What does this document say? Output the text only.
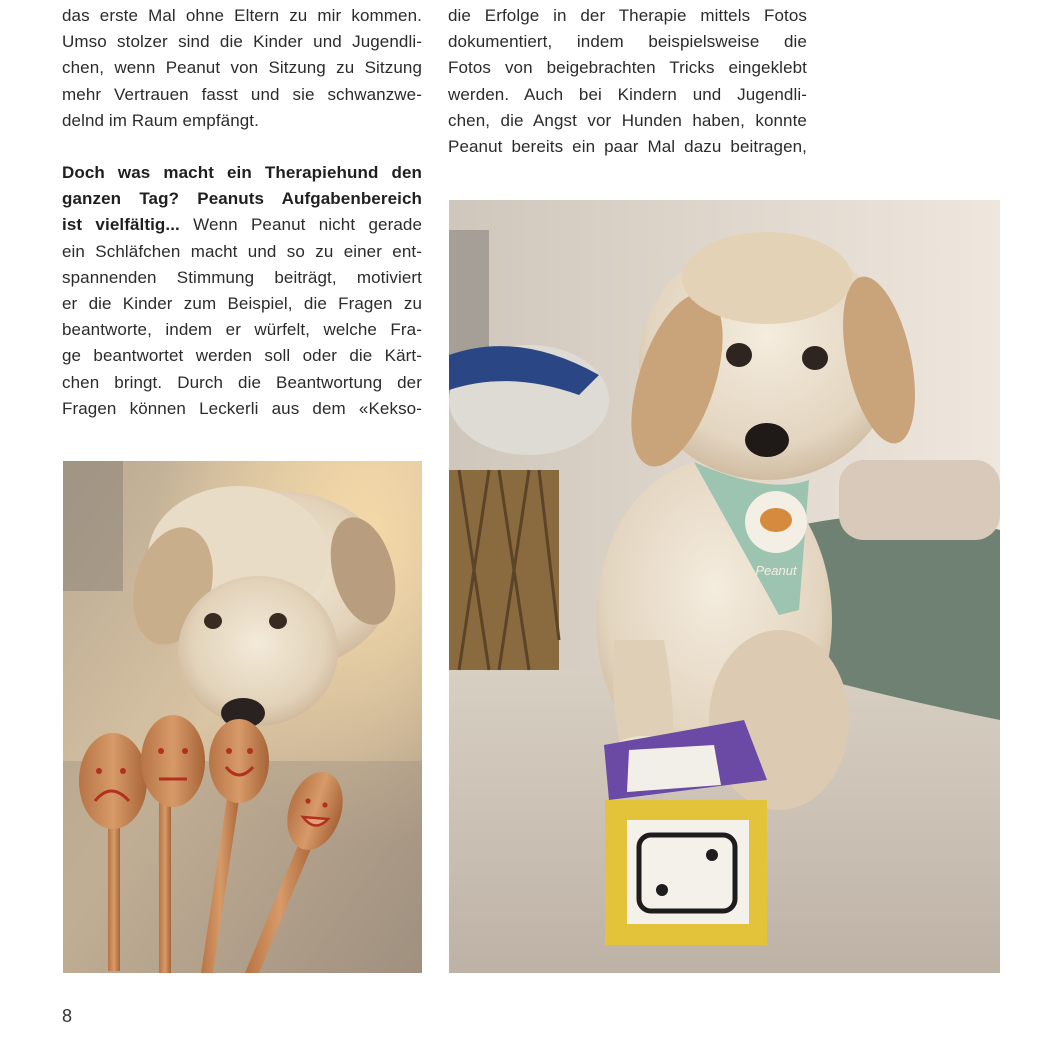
das erste Mal ohne Eltern zu mir kommen.
Umso stolzer sind die Kinder und Jugendli-
chen, wenn Peanut von Sitzung zu Sitzung
mehr Vertrauen fasst und sie schwanzwe-
delnd im Raum empfängt.

Doch was macht ein Therapiehund den
ganzen Tag? Peanuts Aufgabenbereich
ist vielfältig... Wenn Peanut nicht gerade
ein Schläfchen macht und so zu einer ent-
spannenden Stimmung beiträgt, motiviert
er die Kinder zum Beispiel, die Fragen zu
beantworte, indem er würfelt, welche Fra-
ge beantwortet werden soll oder die Kärt-
chen bringt. Durch die Beantwortung der
Fragen können Leckerli aus dem «Kekso-

die Erfolge in der Therapie mittels Fotos
dokumentiert, indem beispielsweise die
Fotos von beigebrachten Tricks eingeklebt
werden. Auch bei Kindern und Jugendli-
chen, die Angst vor Hunden haben, konnte
Peanut bereits ein paar Mal dazu beitragen,

Peanut
8
